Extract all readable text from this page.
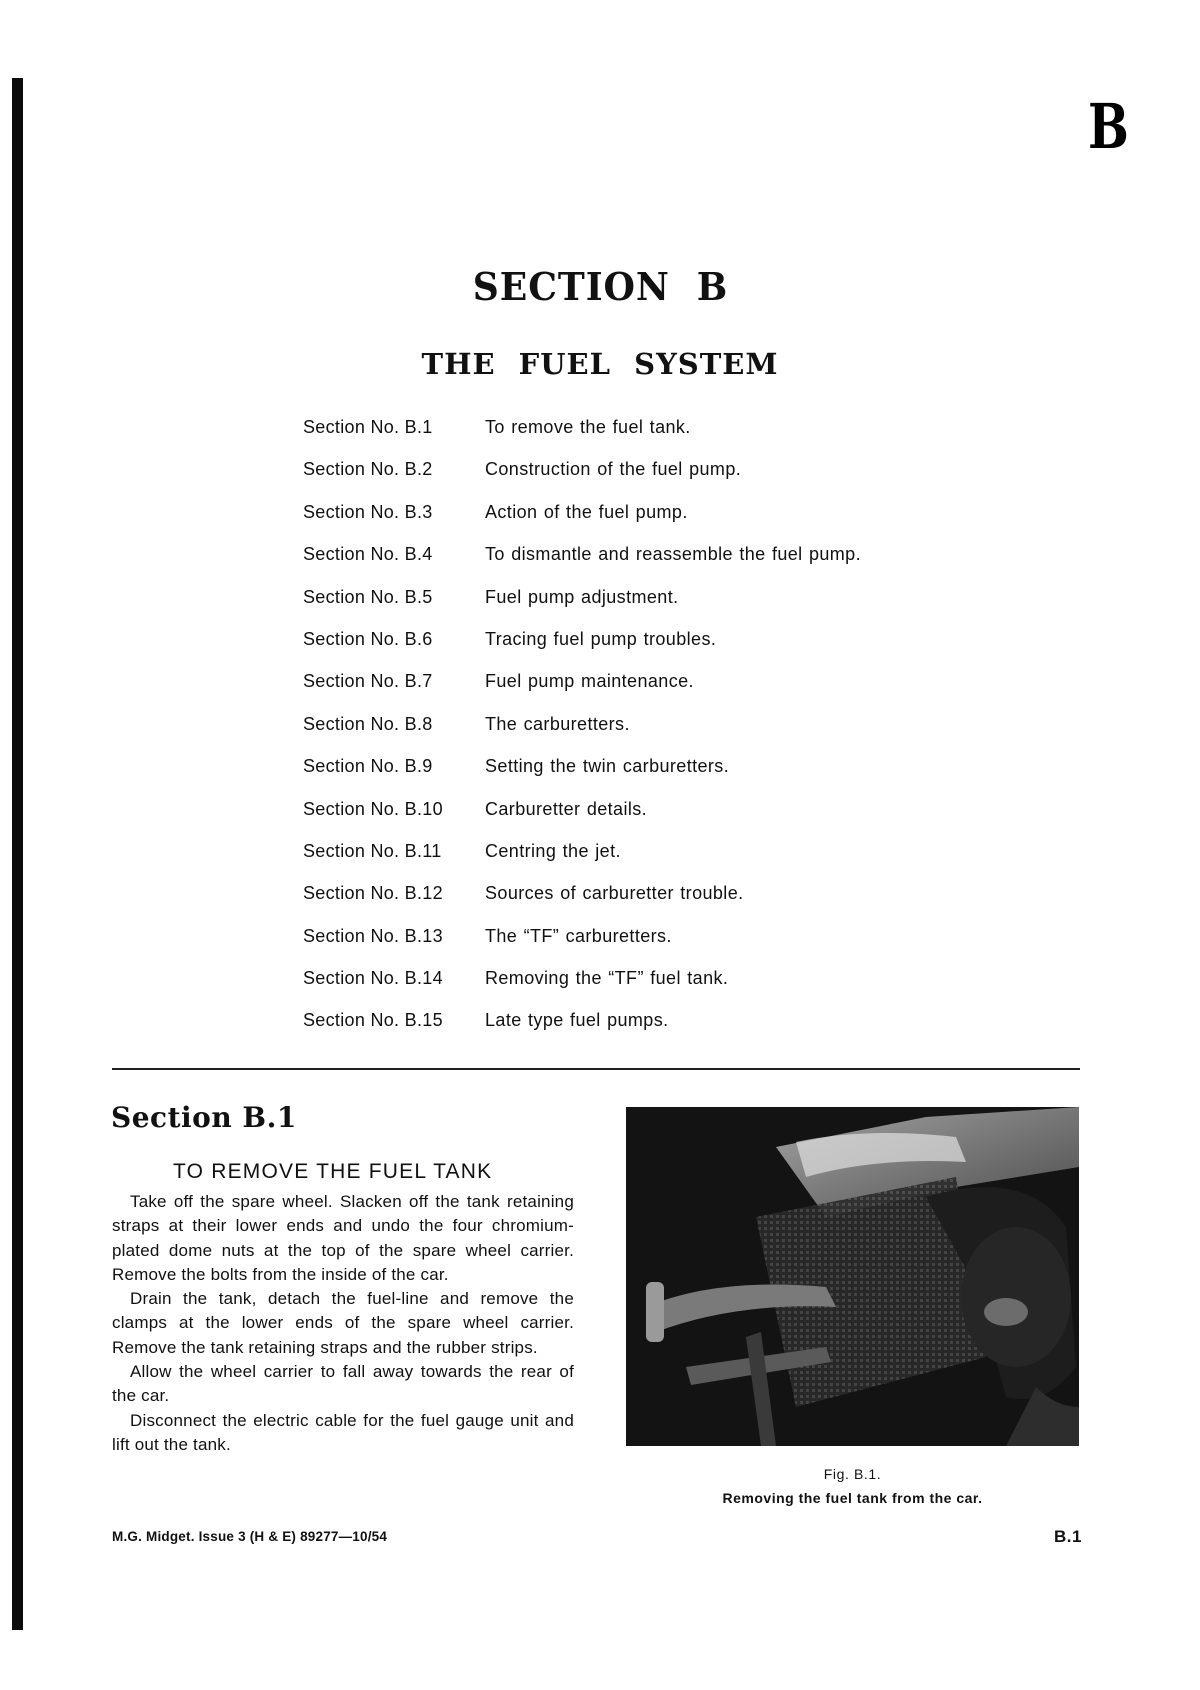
B
SECTION B
THE FUEL SYSTEM
Section No. B.1	To remove the fuel tank.
Section No. B.2	Construction of the fuel pump.
Section No. B.3	Action of the fuel pump.
Section No. B.4	To dismantle and reassemble the fuel pump.
Section No. B.5	Fuel pump adjustment.
Section No. B.6	Tracing fuel pump troubles.
Section No. B.7	Fuel pump maintenance.
Section No. B.8	The carburetters.
Section No. B.9	Setting the twin carburetters.
Section No. B.10	Carburetter details.
Section No. B.11	Centring the jet.
Section No. B.12	Sources of carburetter trouble.
Section No. B.13	The “TF” carburetters.
Section No. B.14	Removing the “TF” fuel tank.
Section No. B.15	Late type fuel pumps.
Section B.1
TO REMOVE THE FUEL TANK

Take off the spare wheel. Slacken off the tank retaining straps at their lower ends and undo the four chromium-plated dome nuts at the top of the spare wheel carrier. Remove the bolts from the inside of the car.

Drain the tank, detach the fuel-line and remove the clamps at the lower ends of the spare wheel carrier. Remove the tank retaining straps and the rubber strips.

Allow the wheel carrier to fall away towards the rear of the car.

Disconnect the electric cable for the fuel gauge unit and lift out the tank.

Fig. B.1.
Removing the fuel tank from the car.
M.G. Midget. Issue 3 (H & E) 89277—10/54	B.1
